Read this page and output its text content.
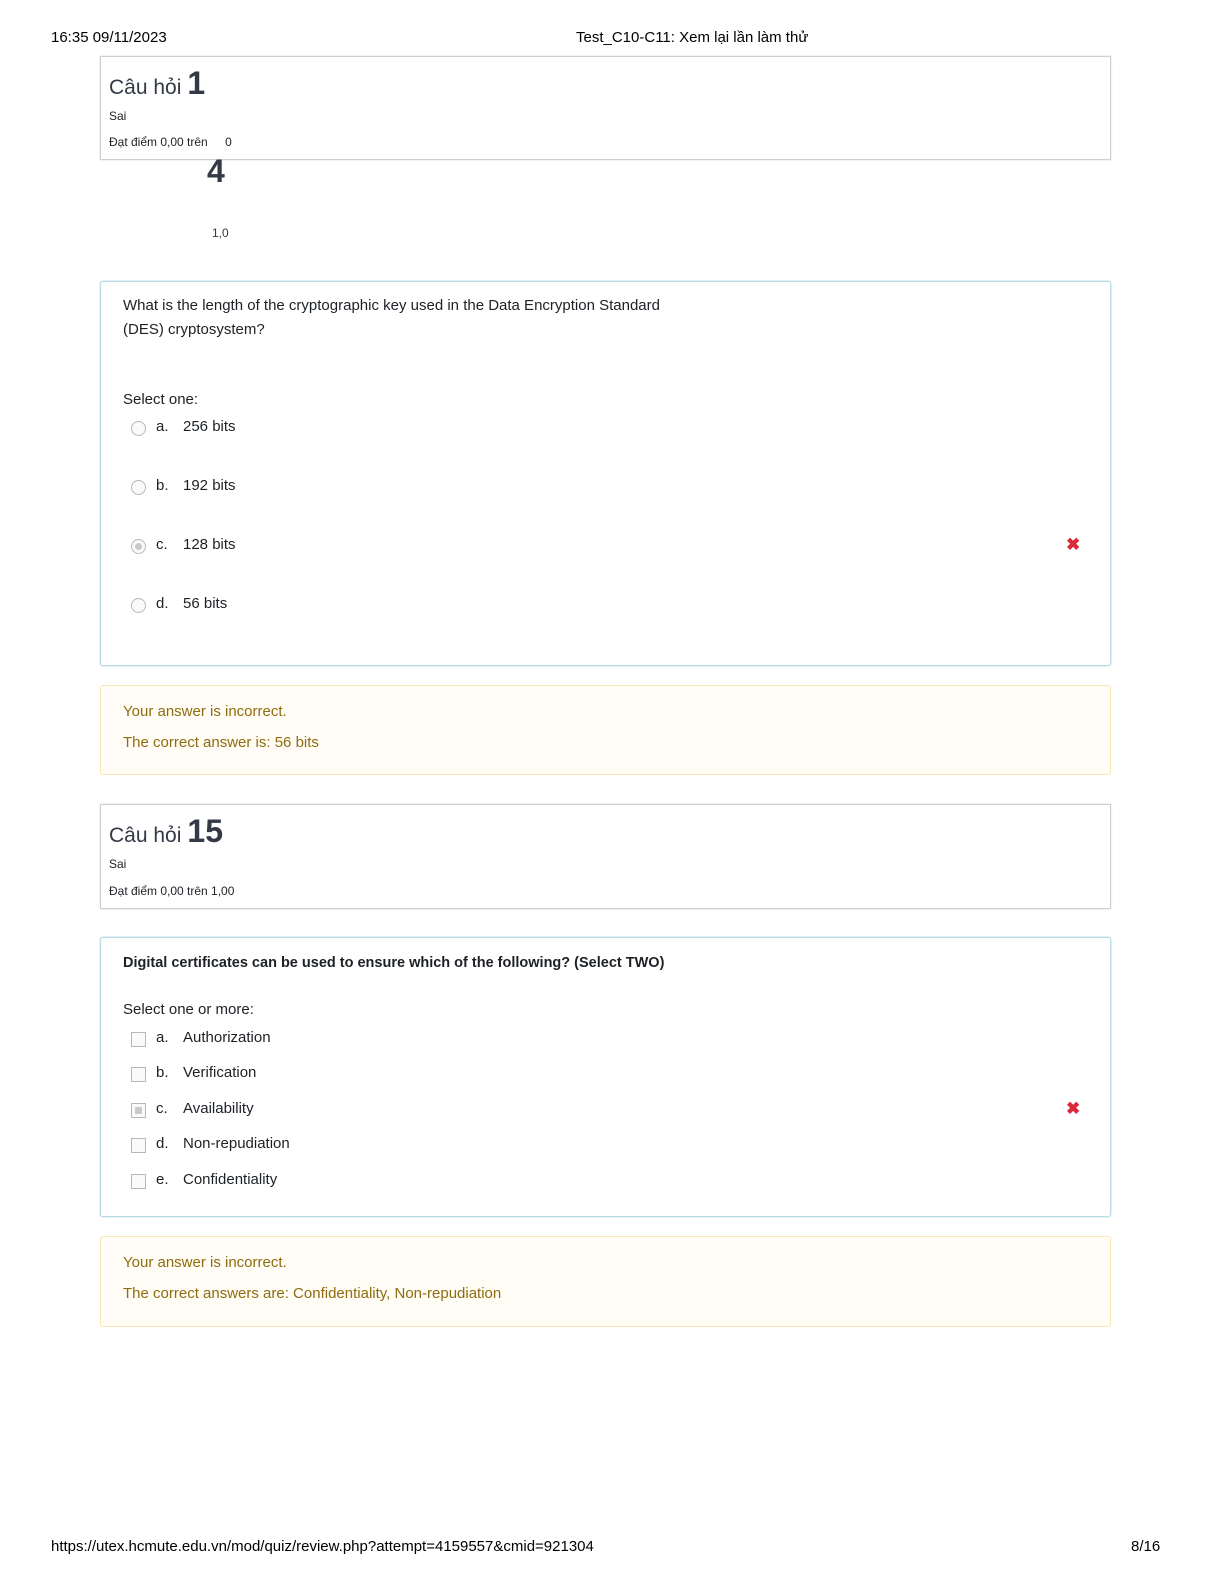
16:35 09/11/2023	Test_C10-C11: Xem lại lần làm thử
Câu hỏi 1
Sai
Đạt điểm 0,00 trên 0
4
1,0
What is the length of the cryptographic key used in the Data Encryption Standard
(DES) cryptosystem?
Select one:
a. 256 bits
b. 192 bits
c. 128 bits	✖
d. 56 bits
Your answer is incorrect.
The correct answer is: 56 bits
Câu hỏi 15
Sai
Đạt điểm 0,00 trên 1,00
Digital certificates can be used to ensure which of the following? (Select TWO)
Select one or more:
a. Authorization
b. Verification
c. Availability	✖
d. Non-repudiation
e. Confidentiality
Your answer is incorrect.
The correct answers are: Confidentiality, Non-repudiation
https://utex.hcmute.edu.vn/mod/quiz/review.php?attempt=4159557&cmid=921304	8/16
